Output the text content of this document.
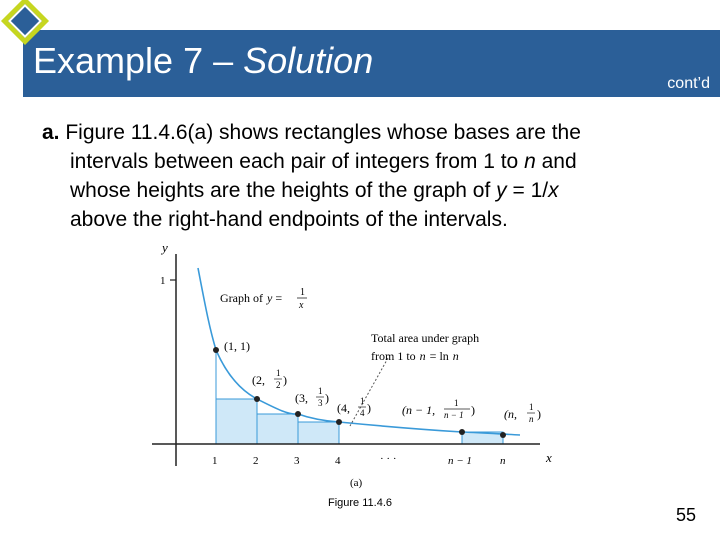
Example 7 – Solution
cont’d
a. Figure 11.4.6(a) shows rectangles whose bases are the
intervals between each pair of integers from 1 to n and
whose heights are the heights of the graph of y = 1/x
above the right-hand endpoints of the intervals.
y
x
1
1	2	3	4	n − 1	n
· · ·
(a)
Graph of y = 1
x
Total area under graph
from 1 to n = ln n
(1, 1)
(2, 1
2 )
(3, 1
3 )
(4, 1
4 )	(n − 1, 1
n − 1 ) (n, 1
n )
Figure 11.4.6
55
